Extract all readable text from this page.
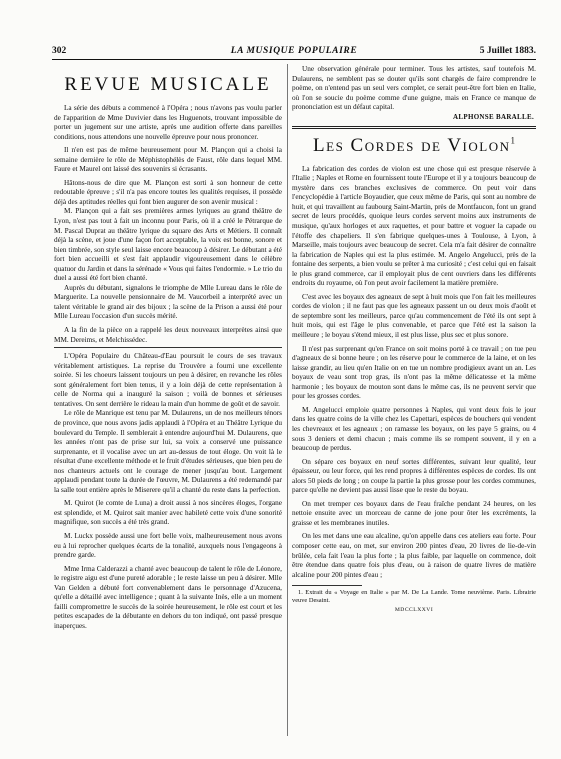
302	LA MUSIQUE POPULAIRE	5 Juillet 1883.
REVUE MUSICALE

La série des débuts a commencé à l'Opéra ; nous n'avons pas voulu parler de l'apparition de Mme Duvivier dans les Huguenots, trouvant impossible de porter un jugement sur une artiste, après une audition offerte dans pareilles conditions, nous attendons une nouvelle épreuve pour nous prononcer.

Il n'en est pas de même heureusement pour M. Plançon qui a choisi la semaine dernière le rôle de Méphistophélès de Faust, rôle dans lequel MM. Faure et Maurel ont laissé des souvenirs si écrasants.

Hâtons-nous de dire que M. Plançon est sorti à son honneur de cette redoutable épreuve ; s'il n'a pas encore toutes les qualités requises, il possède déjà des aptitudes réelles qui font bien augurer de son avenir musical :

M. Plançon qui a fait ses premières armes lyriques au grand théâtre de Lyon, n'est pas tout à fait un inconnu pour Paris, où il a créé le Pétrarque de M. Pascal Duprat au théâtre lyrique du square des Arts et Métiers. Il connaît déjà la scène, et joue d'une façon fort acceptable, la voix est bonne, sonore et bien timbrée, son style seul laisse encore beaucoup à désirer. Le débutant a été fort bien accueilli et s'est fait applaudir vigoureusement dans le célèbre quatuor du Jardin et dans la sérénade « Vous qui faites l'endormie. » Le trio du duel a aussi été fort bien chanté.

Auprès du débutant, signalons le triomphe de Mlle Lureau dans le rôle de Marguerite. La nouvelle pensionnaire de M. Vaucorbeil a interprété avec un talent véritable le grand air des bijoux ; la scène de la Prison a aussi été pour Mlle Lureau l'occasion d'un succès mérité.

A la fin de la pièce on a rappelé les deux nouveaux interprètes ainsi que MM. Dereims, et Melchissédec.

L'Opéra Populaire du Château-d'Eau poursuit le cours de ses travaux véritablement artistiques. La reprise du Trouvère a fourni une excellente soirée. Si les choeurs laissent toujours un peu à désirer, en revanche les rôles sont généralement fort bien tenus, il y a loin déjà de cette représentation à celle de Norma qui a inauguré la saison ; voilà de bonnes et sérieuses tentatives. On sent derrière le rideau la main d'un homme de goût et de savoir.

Le rôle de Manrique est tenu par M. Dulaurens, un de nos meilleurs ténors de province, que nous avons jadis applaudi à l'Opéra et au Théâtre Lyrique du boulevard du Temple. Il semblerait à entendre aujourd'hui M. Dulaurens, que les années n'ont pas de prise sur lui, sa voix a conservé une puissance surprenante, et il vocalise avec un art au-dessus de tout éloge. On voit là le résultat d'une excellente méthode et le fruit d'études sérieuses, que bien peu de nos chanteurs actuels ont le courage de mener jusqu'au bout. Largement applaudi pendant toute la durée de l'œuvre, M. Dulaurens a été redemandé par la salle tout entière après le Miserere qu'il a chanté du reste dans la perfection.

M. Quirot (le comte de Luna) a droit aussi à nos sincères éloges, l'organe est splendide, et M. Quirot sait manier avec habileté cette voix d'une sonorité magnifique, son succès a été très grand.

M. Luckx possède aussi une fort belle voix, malheureusement nous avons eu à lui reprocher quelques écarts de la tonalité, auxquels nous l'engageons à prendre garde.

Mme Irma Calderazzi a chanté avec beaucoup de talent le rôle de Léonore, le registre aigu est d'une pureté adorable ; le reste laisse un peu à désirer. Mlle Van Gelden a débuté fort convenablement dans le personnage d'Azucena, qu'elle a détaillé avec intelligence ; quant à la suivante Inès, elle a un moment failli compromettre le succès de la soirée heureusement, le rôle est court et les petites escapades de la débutante en dehors du ton indiqué, ont passé presque inaperçues.

Une observation générale pour terminer. Tous les artistes, sauf toutefois M. Dulaurens, ne semblent pas se douter qu'ils sont chargés de faire comprendre le poème, on n'entend pas un seul vers complet, ce serait peut-être fort bien en Italie, où l'on se soucie du poème comme d'une guigne, mais en France ce manque de prononciation est un défaut capital.

ALPHONSE BARALLE.
Les Cordes de Violon$^1$

La fabrication des cordes de violon est une chose qui est presque réservée à l'Italie ; Naples et Rome en fournissent toute l'Europe et il y a toujours beaucoup de mystère dans ces branches exclusives de commerce. On peut voir dans l'encyclopédie à l'article Boyaudier, que ceux même de Paris, qui sont au nombre de huit, et qui travaillent au faubourg Saint-Martin, près de Montfaucon, font un grand secret de leurs procédés, quoique leurs cordes servent moins aux instruments de musique, qu'aux horloges et aux raquettes, et pour battre et voguer la capade ou l'étoffe des chapeliers. Il s'en fabrique quelques-unes à Toulouse, à Lyon, à Marseille, mais toujours avec beaucoup de secret. Cela m'a fait désirer de connaître la fabrication de Naples qui est la plus estimée. M. Angelo Angelucci, près de la fontaine des serpents, a bien voulu se prêter à ma curiosité ; c'est celui qui en faisait le plus grand commerce, car il employait plus de cent ouvriers dans les différents endroits du royaume, où l'on peut avoir facilement la matière première.

C'est avec les boyaux des agneaux de sept à huit mois que l'on fait les meilleures cordes de violon ; il ne faut pas que les agneaux passent un ou deux mois d'août et de septembre sont les meilleurs, parce qu'au commencement de l'été ils ont sept à huit mois, qui est l'âge le plus convenable, et parce que l'été est la saison la meilleure ; le boyau s'étend mieux, il est plus lisse, plus sec et plus sonore.

Il n'est pas surprenant qu'en France on soit moins porté à ce travail ; on tue peu d'agneaux de si bonne heure ; on les réserve pour le commerce de la laine, et on les laisse grandir, au lieu qu'en Italie on en tue un nombre prodigieux avant un an. Les boyaux de veau sont trop gras, ils n'ont pas la même délicatesse et la même harmonie ; les boyaux de mouton sont dans le même cas, ils ne peuvent servir que pour les grosses cordes.

M. Angelucci emploie quatre personnes à Naples, qui vont deux fois le jour dans les quatre coins de la ville chez les Capettari, espèces de bouchers qui vendent les chevreaux et les agneaux ; on ramasse les boyaux, on les paye 5 grains, ou 4 sous 3 deniers et demi chacun ; mais comme ils se rompent souvent, il y en a beaucoup de perdus.

On sépare ces boyaux en neuf sortes différentes, suivant leur qualité, leur épaisseur, ou leur force, qui les rend propres à différentes espèces de cordes. Ils ont alors 50 pieds de long ; on coupe la partie la plus grosse pour les cordes communes, parce qu'elle ne devient pas aussi lisse que le reste du boyau.

On met tremper ces boyaux dans de l'eau fraîche pendant 24 heures, on les nettoie ensuite avec un morceau de canne de jone pour ôter les excréments, la graisse et les membranes inutiles.

On les met dans une eau alcaline, qu'on appelle dans ces ateliers eau forte. Pour composer cette eau, on met, sur environ 200 pintes d'eau, 20 livres de lie-de-vin brûlée, cela fait l'eau la plus forte ; la plus faible, par laquelle on commence, doit être étendue dans quatre fois plus d'eau, ou à raison de quatre livres de matière alcaline pour 200 pintes d'eau ;

1. Extrait du « Voyage en Italie » par M. De La Lande. Tome neuvième. Paris. Librairie veuve Desaint.

MDCCLXXVI
